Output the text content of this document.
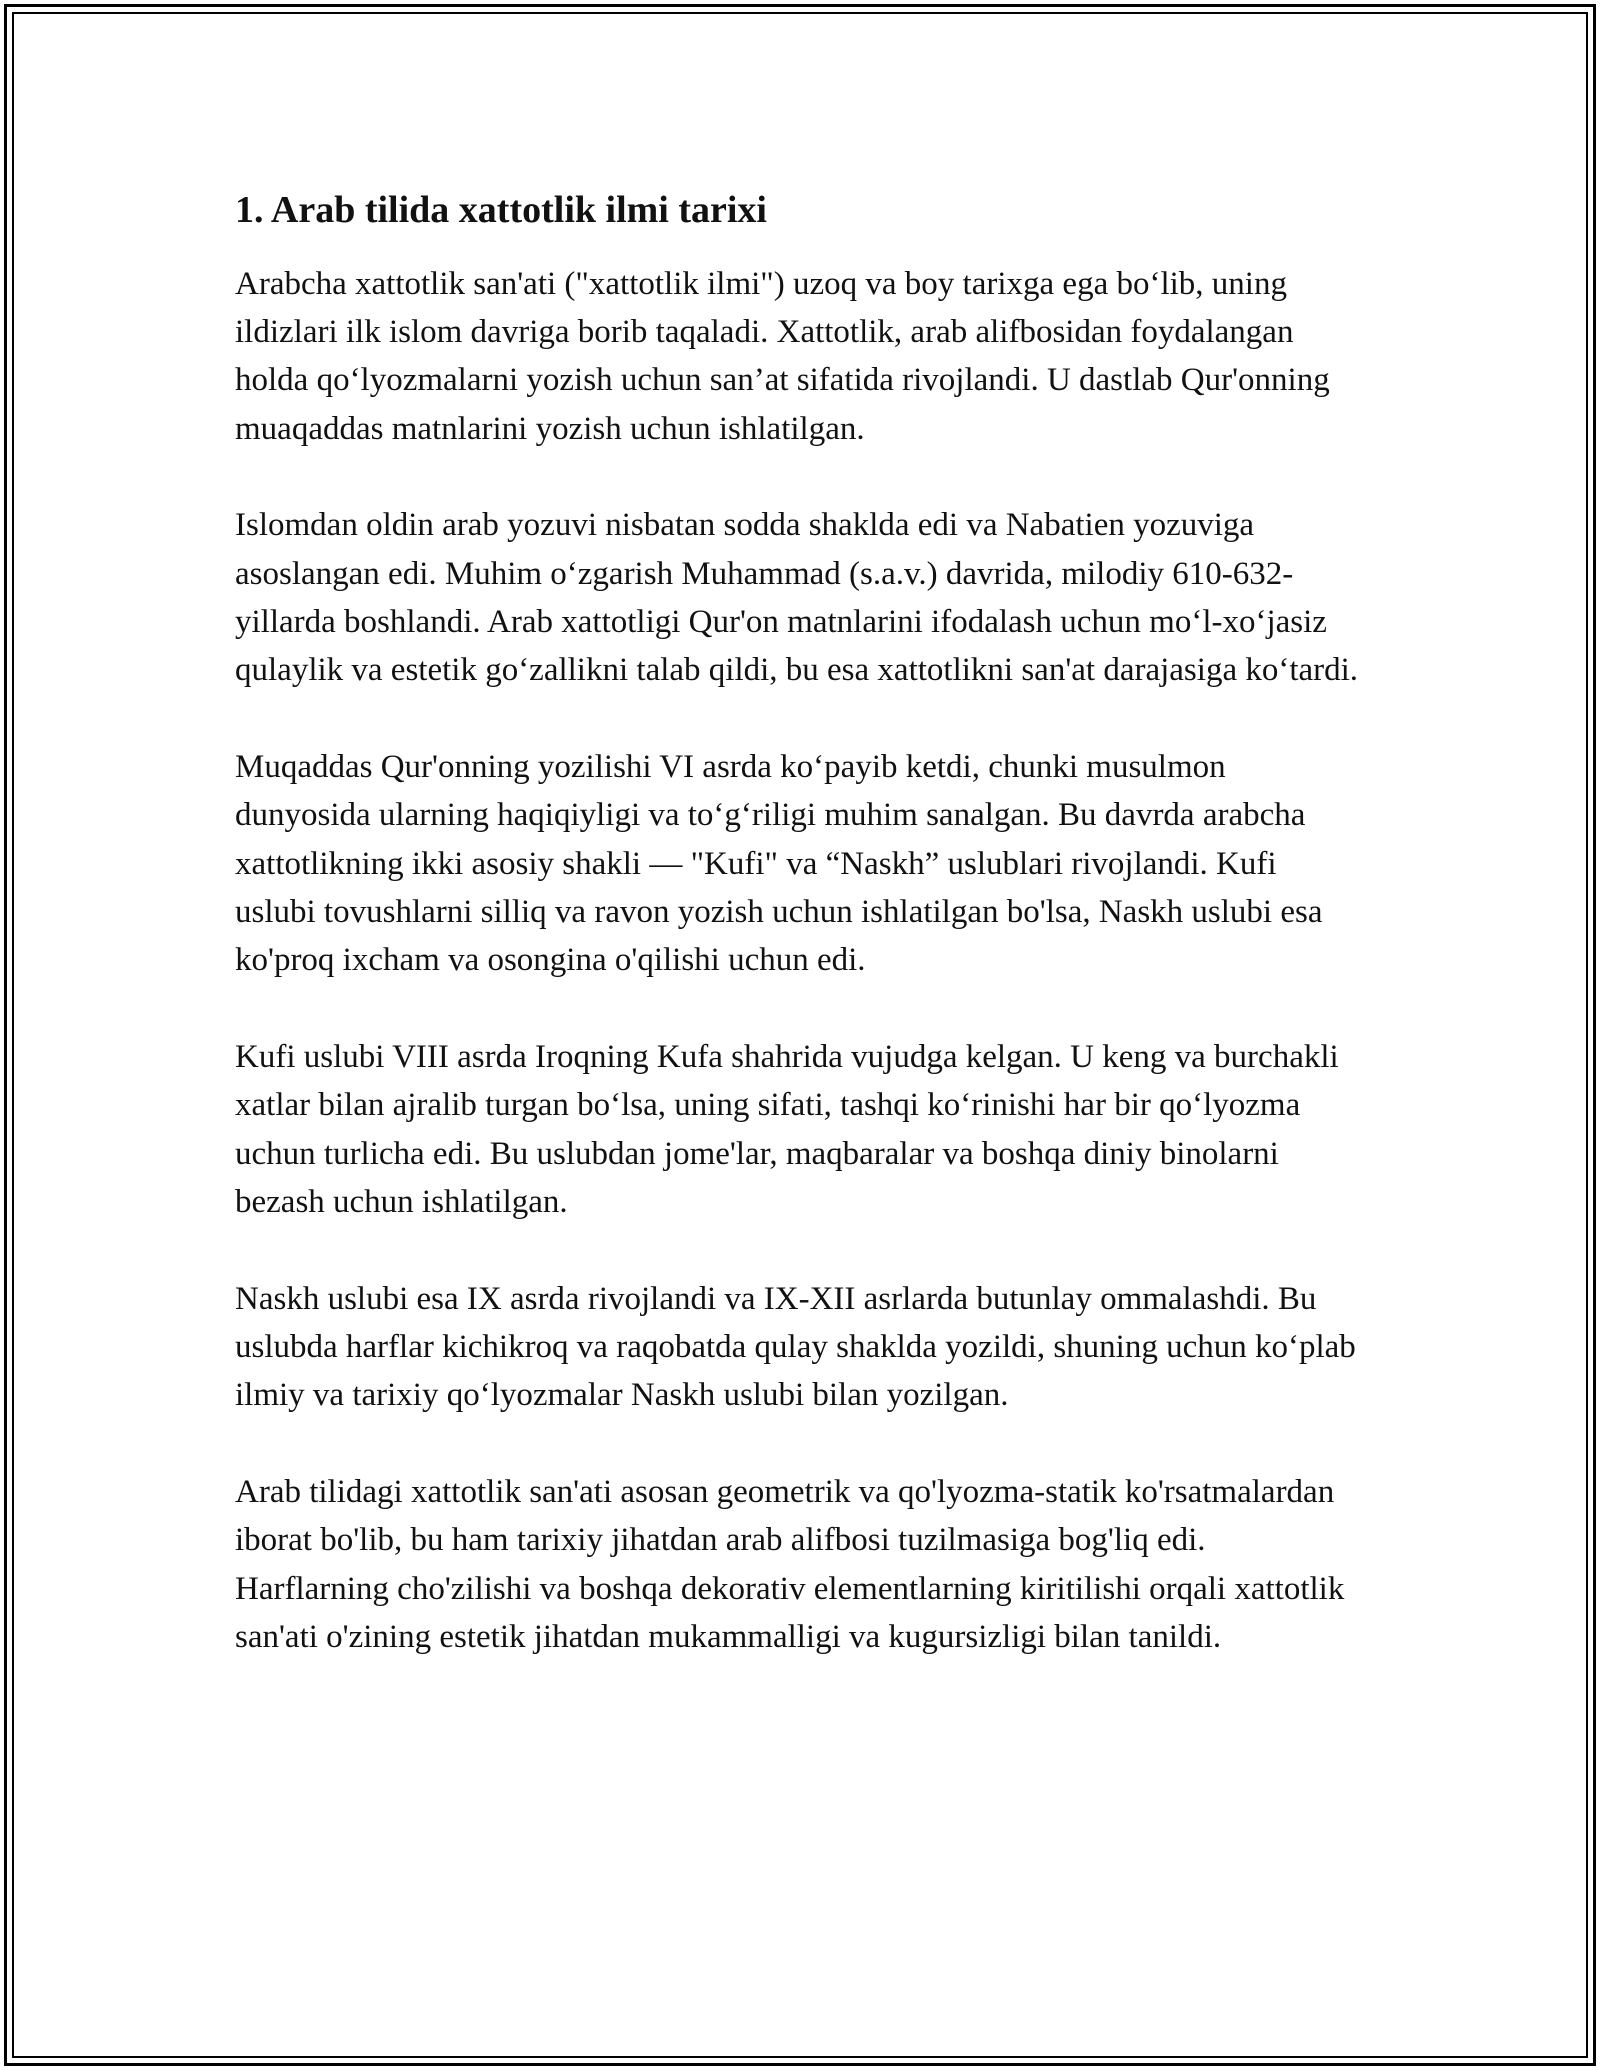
1. Arab tilida xattotlik ilmi tarixi

Arabcha xattotlik san'ati ("xattotlik ilmi") uzoq va boy tarixga ega bo‘lib, uning ildizlari ilk islom davriga borib taqaladi. Xattotlik, arab alifbosidan foydalangan holda qo‘lyozmalarni yozish uchun san’at sifatida rivojlandi. U dastlab Qur'onning muaqaddas matnlarini yozish uchun ishlatilgan.

Islomdan oldin arab yozuvi nisbatan sodda shaklda edi va Nabatien yozuviga asoslangan edi. Muhim oʻzgarish Muhammad (s.a.v.) davrida, milodiy 610-632-yillarda boshlandi. Arab xattotligi Qur'on matnlarini ifodalash uchun mo‘l-xo‘jasiz qulaylik va estetik go‘zallikni talab qildi, bu esa xattotlikni san'at darajasiga ko‘tardi.

Muqaddas Qur'onning yozilishi VI asrda ko‘payib ketdi, chunki musulmon dunyosida ularning haqiqiyligi va to‘g‘riligi muhim sanalgan. Bu davrda arabcha xattotlikning ikki asosiy shakli — "Kufi" va “Naskh” uslublari rivojlandi. Kufi uslubi tovushlarni silliq va ravon yozish uchun ishlatilgan bo'lsa, Naskh uslubi esa ko'proq ixcham va osongina o'qilishi uchun edi.

Kufi uslubi VIII asrda Iroqning Kufa shahrida vujudga kelgan. U keng va burchakli xatlar bilan ajralib turgan bo‘lsa, uning sifati, tashqi ko‘rinishi har bir qo‘lyozma uchun turlicha edi. Bu uslubdan jome'lar, maqbaralar va boshqa diniy binolarni bezash uchun ishlatilgan.

Naskh uslubi esa IX asrda rivojlandi va IX-XII asrlarda butunlay ommalashdi. Bu uslubda harflar kichikroq va raqobatda qulay shaklda yozildi, shuning uchun ko‘plab ilmiy va tarixiy qo‘lyozmalar Naskh uslubi bilan yozilgan.

Arab tilidagi xattotlik san'ati asosan geometrik va qo'lyozma-statik ko'rsatmalardan iborat bo'lib, bu ham tarixiy jihatdan arab alifbosi tuzilmasiga bog'liq edi. Harflarning cho'zilishi va boshqa dekorativ elementlarning kiritilishi orqali xattotlik san'ati o'zining estetik jihatdan mukammalligi va kugursizligi bilan tanildi.
